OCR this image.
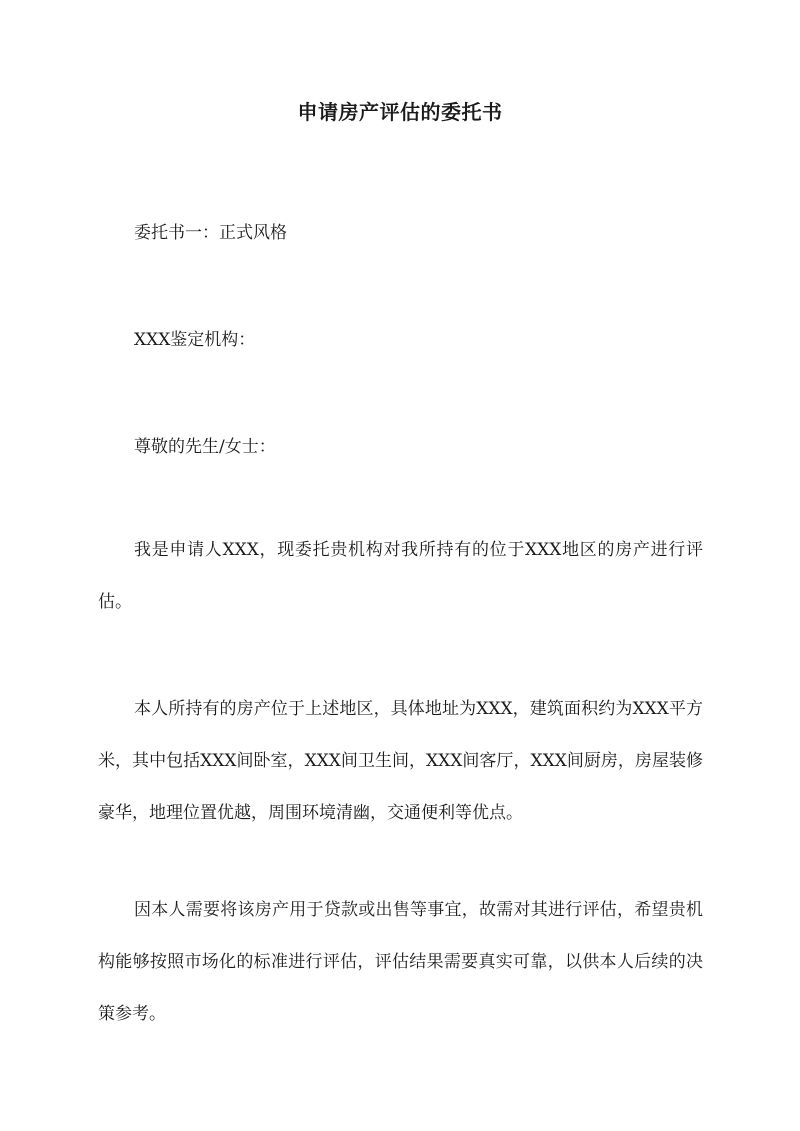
申请房产评估的委托书
委托书一：正式风格
XXX鉴定机构：
尊敬的先生/女士：
我是申请人XXX，现委托贵机构对我所持有的位于XXX地区的房产进行评估。
本人所持有的房产位于上述地区，具体地址为XXX，建筑面积约为XXX平方米，其中包括XXX间卧室，XXX间卫生间，XXX间客厅，XXX间厨房，房屋装修豪华，地理位置优越，周围环境清幽，交通便利等优点。
因本人需要将该房产用于贷款或出售等事宜，故需对其进行评估，希望贵机构能够按照市场化的标准进行评估，评估结果需要真实可靠，以供本人后续的决策参考。
